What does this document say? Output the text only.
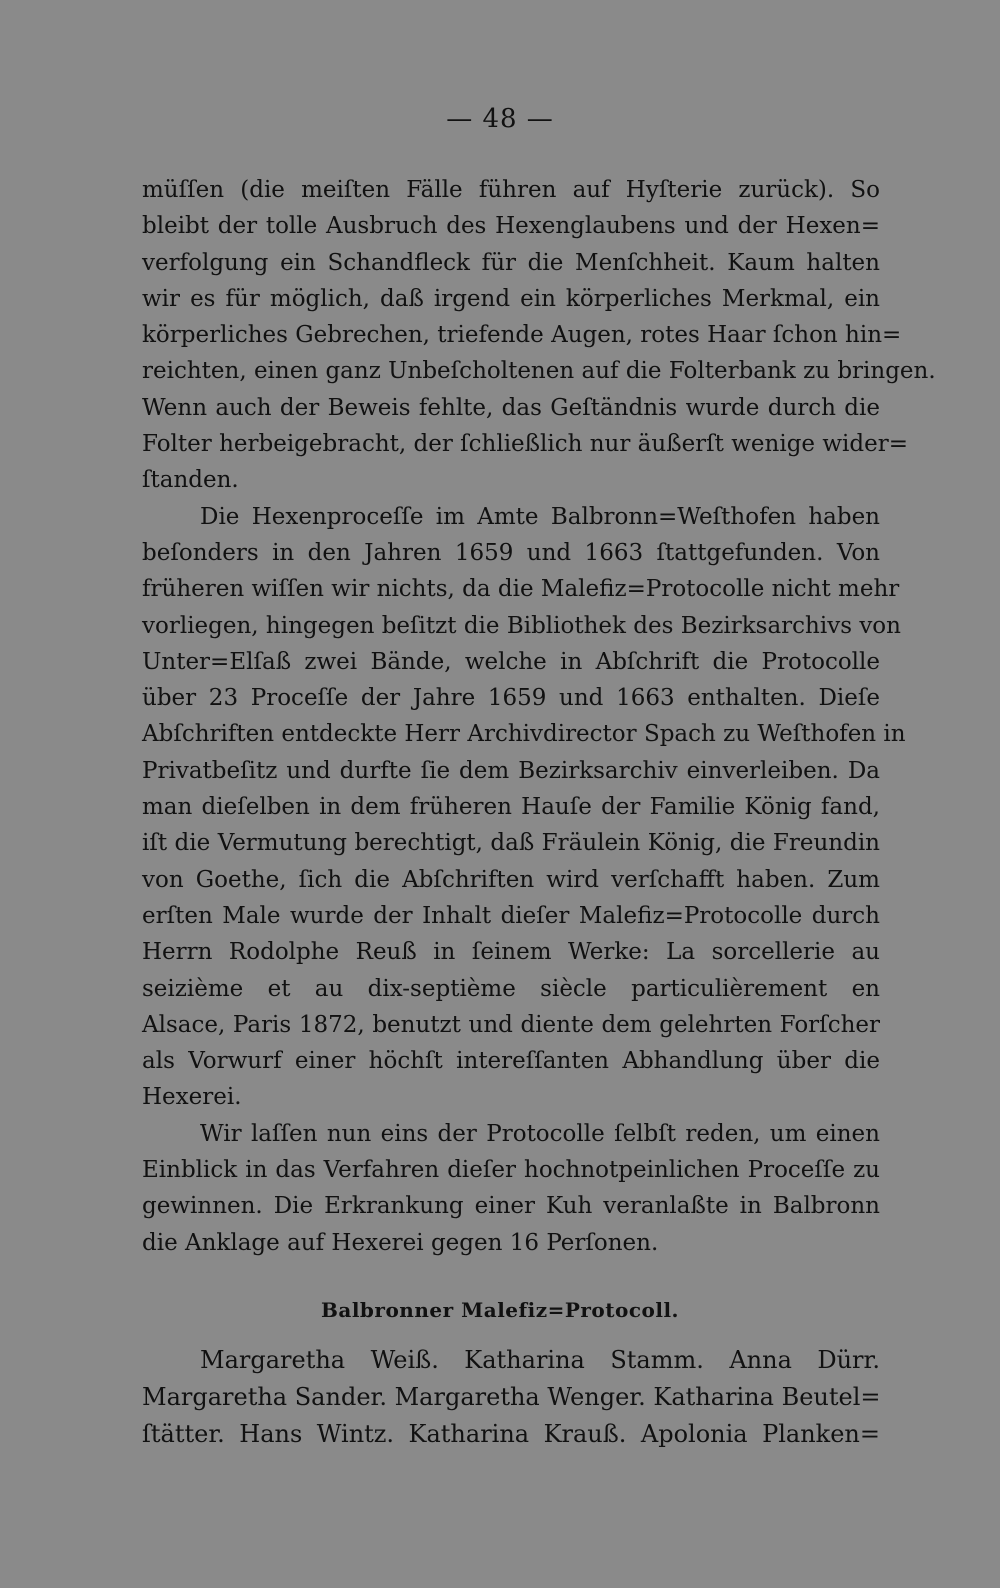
— 48 —
müſſen (die meiſten Fälle führen auf Hyſterie zurück). So
bleibt der tolle Ausbruch des Hexenglaubens und der Hexen=
verfolgung ein Schandfleck für die Menſchheit. Kaum halten
wir es für möglich, daß irgend ein körperliches Merkmal, ein
körperliches Gebrechen, triefende Augen, rotes Haar ſchon hin=
reichten, einen ganz Unbeſcholtenen auf die Folterbank zu bringen.
Wenn auch der Beweis fehlte, das Geſtändnis wurde durch die
Folter herbeigebracht, der ſchließlich nur äußerſt wenige wider=
ſtanden.
Die Hexenproceſſe im Amte Balbronn=Weſthofen haben
beſonders in den Jahren 1659 und 1663 ſtattgefunden. Von
früheren wiſſen wir nichts, da die Malefiz=Protocolle nicht mehr
vorliegen, hingegen beſitzt die Bibliothek des Bezirksarchivs von
Unter=Elſaß zwei Bände, welche in Abſchrift die Protocolle
über 23 Proceſſe der Jahre 1659 und 1663 enthalten. Dieſe
Abſchriften entdeckte Herr Archivdirector Spach zu Weſthofen in
Privatbeſitz und durfte ſie dem Bezirksarchiv einverleiben. Da
man dieſelben in dem früheren Hauſe der Familie König fand,
iſt die Vermutung berechtigt, daß Fräulein König, die Freundin
von Goethe, ſich die Abſchriften wird verſchafft haben. Zum
erſten Male wurde der Inhalt dieſer Malefiz=Protocolle durch
Herrn Rodolphe Reuß in ſeinem Werke: La sorcellerie au
seizième et au dix-septième siècle particulièrement en
Alsace, Paris 1872, benutzt und diente dem gelehrten Forſcher
als Vorwurf einer höchſt intereſſanten Abhandlung über die
Hexerei.
Wir laſſen nun eins der Protocolle ſelbſt reden, um einen
Einblick in das Verfahren dieſer hochnotpeinlichen Proceſſe zu
gewinnen. Die Erkrankung einer Kuh veranlaßte in Balbronn
die Anklage auf Hexerei gegen 16 Perſonen.
Balbronner Malefiz=Protocoll.
Margaretha Weiß. Katharina Stamm. Anna Dürr.
Margaretha Sander. Margaretha Wenger. Katharina Beutel=
ſtätter. Hans Wintz. Katharina Krauß. Apolonia Planken=
